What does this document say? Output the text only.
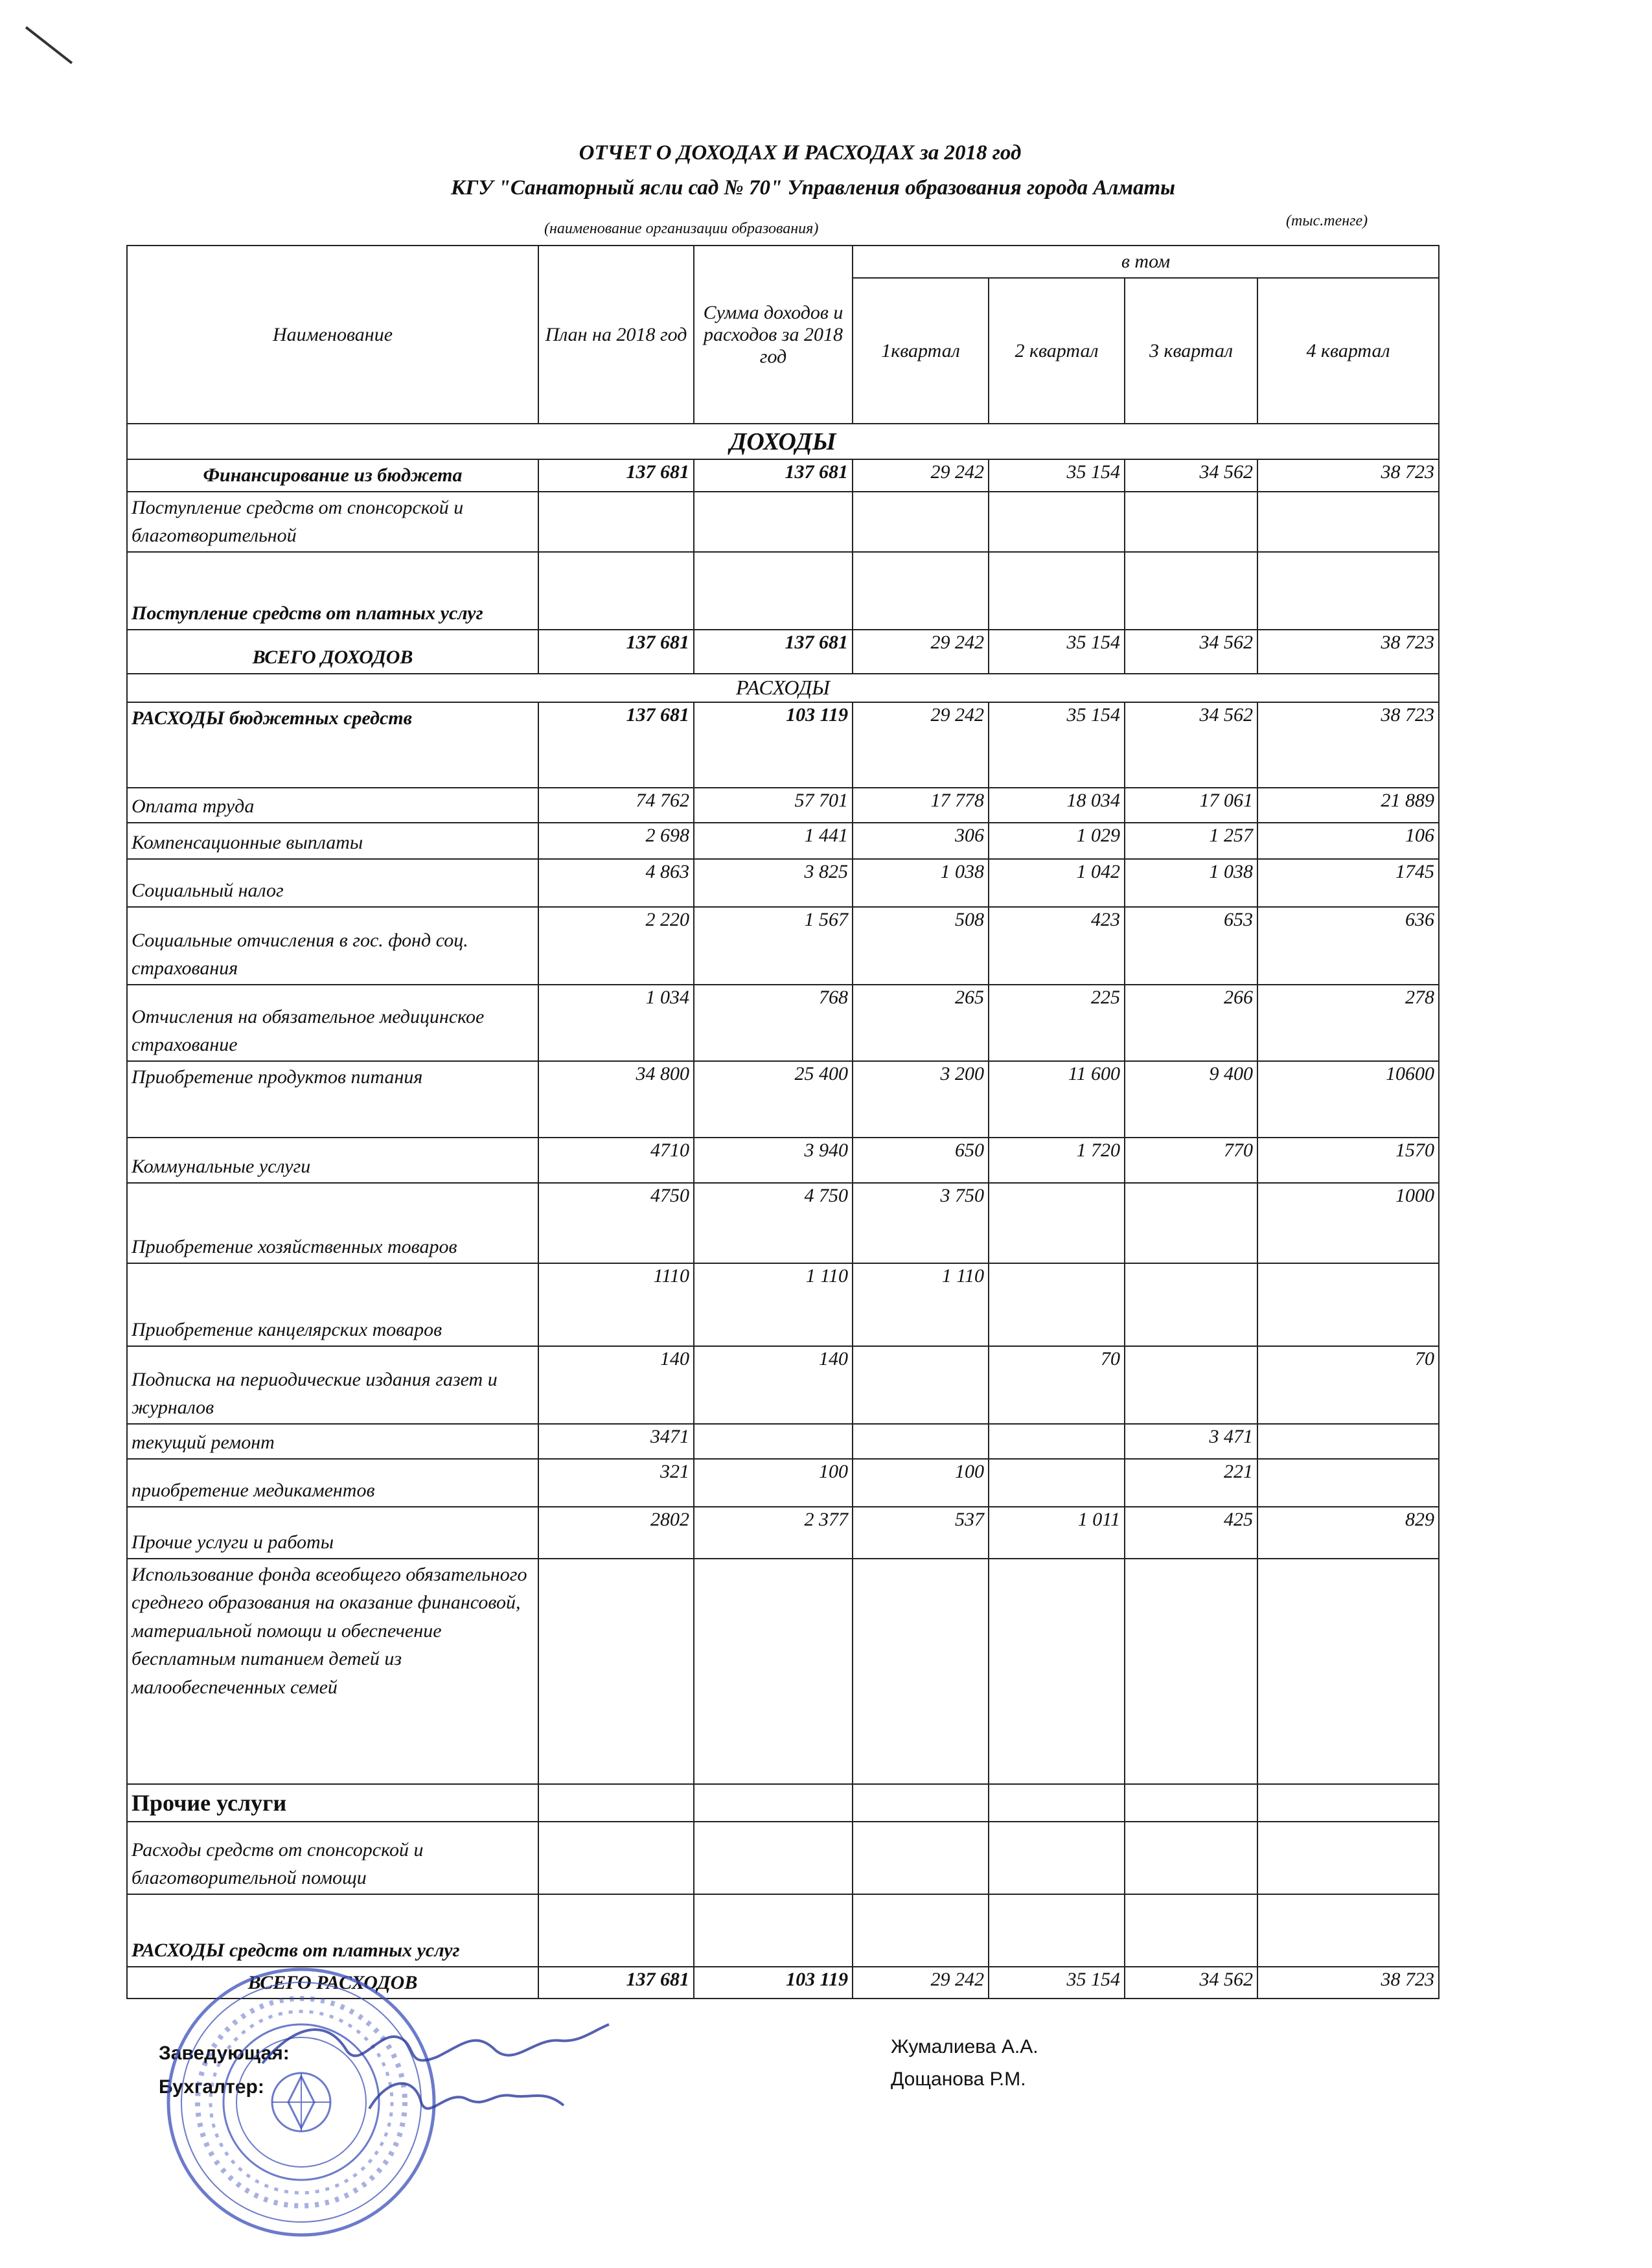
ОТЧЕТ О ДОХОДАХ И РАСХОДАХ за 2018 год
КГУ "Санаторный ясли сад № 70" Управления образования города Алматы
(наименование организации образования)	(тыс.тенге)
Наименование	План на 2018 год	Сумма доходов и расходов за 2018 год	в том			
			1квартал	2 квартал	3 квартал	4 квартал
ДОХОДЫ						
Финансирование из бюджета	137 681	137 681	29 242	35 154	34 562	38 723
Поступление средств от спонсорской и благотворительной						
Поступление средств от платных услуг						
ВСЕГО ДОХОДОВ	137 681	137 681	29 242	35 154	34 562	38 723
РАСХОДЫ						
РАСХОДЫ бюджетных средств	137 681	103 119	29 242	35 154	34 562	38 723
Оплата труда	74 762	57 701	17 778	18 034	17 061	21 889
Компенсационные выплаты	2 698	1 441	306	1 029	1 257	106
Социальный налог	4 863	3 825	1 038	1 042	1 038	1745
Социальные отчисления в гос. фонд соц. страхования	2 220	1 567	508	423	653	636
Отчисления на обязательное медицинское страхование	1 034	768	265	225	266	278
Приобретение продуктов питания	34 800	25 400	3 200	11 600	9 400	10600
Коммунальные услуги	4710	3 940	650	1 720	770	1570
Приобретение хозяйственных товаров	4750	4 750	3 750			1000
Приобретение канцелярских товаров	1110	1 110	1 110			
Подписка на периодические издания газет и журналов	140	140		70		70
текущий ремонт	3471				3 471	
приобретение медикаментов	321	100	100		221	
Прочие услуги и работы	2802	2 377	537	1 011	425	829
Использование фонда всеобщего обязательного среднего образования на оказание финансовой, материальной помощи и обеспечение бесплатным питанием детей из малообеспеченных семей						
Прочие услуги						
Расходы средств от спонсорской и благотворительной помощи						
РАСХОДЫ средств от платных услуг						
ВСЕГО РАСХОДОВ	137 681	103 119	29 242	35 154	34 562	38 723
Заведующая:
Бухгалтер:
Жумалиева А.А.
Дощанова Р.М.
